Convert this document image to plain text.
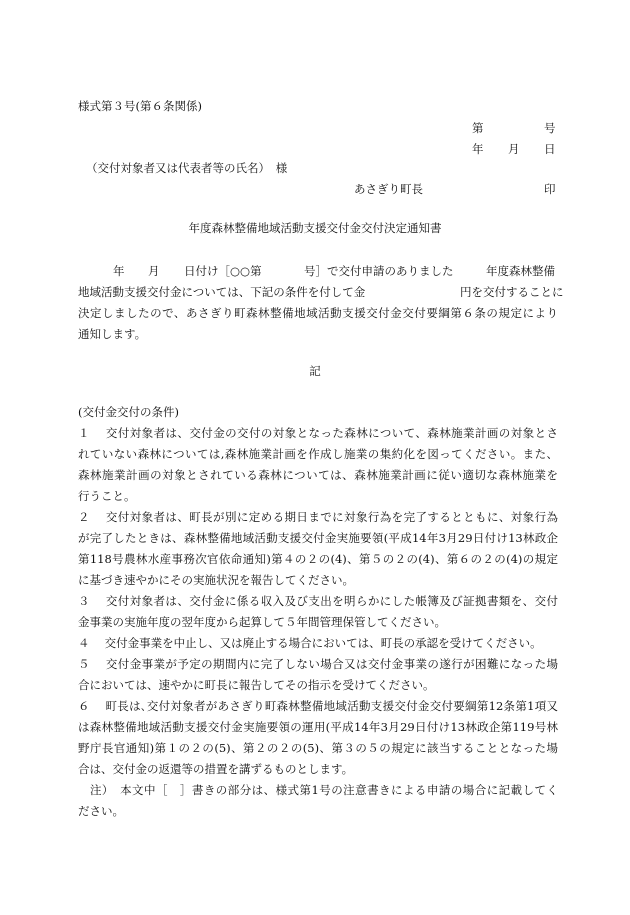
様式第３号(第６条関係)
第	号
年 月 日
（交付対象者又は代表者等の氏名）　様
あさぎり町長	印
年度森林整備地域活動支援交付金交付決定通知書
年 月 日付け［○○第	号］で交付申請のありました	年度森林整備
地域活動支援交付金については、下記の条件を付して金	円を交付することに
決定しましたので、あさぎり町森林整備地域活動支援交付金交付要綱第６条の規定により
通知します。
記
(交付金交付の条件)
１　 交付対象者は、交付金の交付の対象となった森林について、森林施業計画の対象とさ
れていない森林については,森林施業計画を作成し施業の集約化を図ってください。また、
森林施業計画の対象とされている森林については、森林施業計画に従い適切な森林施業を
行うこと。
２　 交付対象者は、町長が別に定める期日までに対象行為を完了するとともに、対象行為
が完了したときは、森林整備地域活動支援交付金実施要領(平成14年3月29日付け13林政企
第118号農林水産事務次官依命通知)第４の２の(4)、第５の２の(4)、第６の２の(4)の規定
に基づき速やかにその実施状況を報告してください。
３　 交付対象者は、交付金に係る収入及び支出を明らかにした帳簿及び証拠書類を、交付
金事業の実施年度の翌年度から起算して５年間管理保管してください。
４　 交付金事業を中止し、又は廃止する場合においては、町長の承認を受けてください。
５　 交付金事業が予定の期間内に完了しない場合又は交付金事業の遂行が困難になった場
合においては、速やかに町長に報告してその指示を受けてください。
６　 町長は､交付対象者があさぎり町森林整備地域活動支援交付金交付要綱第12条第1項又
は森林整備地域活動支援交付金実施要領の運用(平成14年3月29日付け13林政企第119号林
野庁長官通知)第１の２の(5)、第２の２の(5)、第３の５の規定に該当することとなった場
合は、交付金の返還等の措置を講ずるものとします。
　注）　本文中［　］書きの部分は、様式第1号の注意書きによる申請の場合に記載してく
ださい。
